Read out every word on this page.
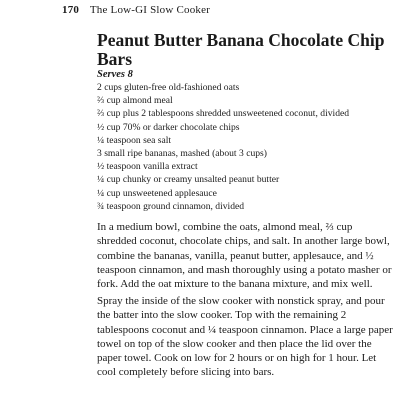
170 The Low-GI Slow Cooker
Peanut Butter Banana Chocolate Chip Bars
Serves 8
2 cups gluten-free old-fashioned oats
⅔ cup almond meal
⅔ cup plus 2 tablespoons shredded unsweetened coconut, divided
½ cup 70% or darker chocolate chips
¼ teaspoon sea salt
3 small ripe bananas, mashed (about 3 cups)
½ teaspoon vanilla extract
¼ cup chunky or creamy unsalted peanut butter
¼ cup unsweetened applesauce
¾ teaspoon ground cinnamon, divided

In a medium bowl, combine the oats, almond meal, ⅔ cup shredded coconut, chocolate chips, and salt. In another large bowl, combine the bananas, vanilla, peanut butter, applesauce, and ½ teaspoon cinnamon, and mash thoroughly using a potato masher or fork. Add the oat mixture to the banana mixture, and mix well.

Spray the inside of the slow cooker with nonstick spray, and pour the batter into the slow cooker. Top with the remaining 2 tablespoons coconut and ¼ teaspoon cinnamon. Place a large paper towel on top of the slow cooker and then place the lid over the paper towel. Cook on low for 2 hours or on high for 1 hour. Let cool completely before slicing into bars.
